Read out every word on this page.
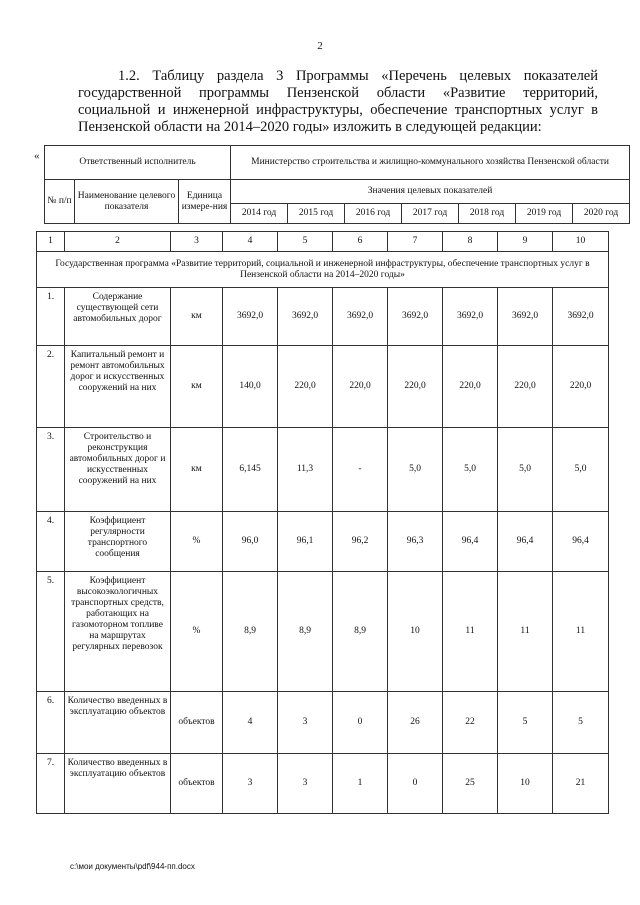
2
1.2. Таблицу раздела 3 Программы «Перечень целевых показателей государственной программы Пензенской области «Развитие территорий, социальной и инженерной инфраструктуры, обеспечение транспортных услуг в Пензенской области на 2014–2020 годы» изложить в следующей редакции:
«	Ответственный исполнитель			Министерство строительства и жилищно-коммунального хозяйства Пензенской области						
№ п/п	Наименование целевого показателя	Единица измере-ния	Значения целевых показателей						
			2014 год	2015 год	2016 год	2017 год	2018 год	2019 год	2020 год
1	2	3	4	5	6	7	8	9	10
Государственная программа «Развитие территорий, социальной и инженерной инфраструктуры, обеспечение транспортных услуг в Пензенской области на 2014–2020 годы»									
1.	Содержание существующей сети автомобильных дорог	км	3692,0	3692,0	3692,0	3692,0	3692,0	3692,0	3692,0
2.	Капитальный ремонт и ремонт автомобильных дорог и искусственных сооружений на них	км	140,0	220,0	220,0	220,0	220,0	220,0	220,0
3.	Строительство и реконструкция автомобильных дорог и искусственных сооружений на них	км	6,145	11,3	-	5,0	5,0	5,0	5,0
4.	Коэффициент регулярности транспортного сообщения	%	96,0	96,1	96,2	96,3	96,4	96,4	96,4
5.	Коэффициент высокоэкологичных транспортных средств, работающих на газомоторном топливе на маршрутах регулярных перевозок	%	8,9	8,9	8,9	10	11	11	11
6.	Количество введенных в эксплуатацию объектов	объектов	4	3	0	26	22	5	5
7.	Количество введенных в эксплуатацию объектов	объектов	3	3	1	0	25	10	21
c:\мои документы\pdf\944-пп.docx
